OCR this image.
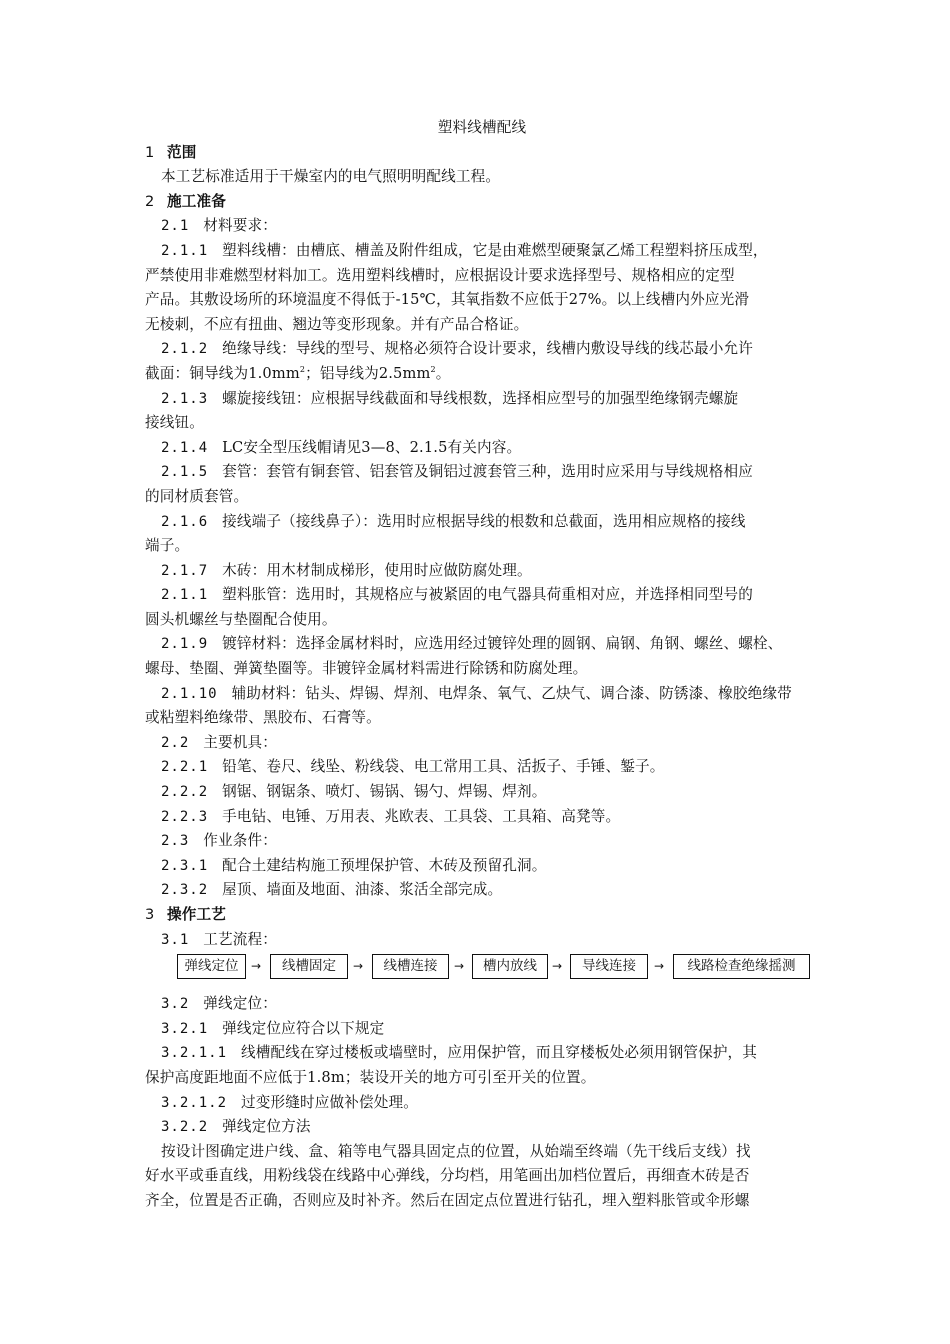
塑料线槽配线
1 范围
本工艺标准适用于干燥室内的电气照明明配线工程。
2 施工准备
2.1 材料要求：
2.1.1 塑料线槽：由槽底、槽盖及附件组成，它是由难燃型硬聚氯乙烯工程塑料挤压成型，
严禁使用非难燃型材料加工。选用塑料线槽时，应根据设计要求选择型号、规格相应的定型
产品。其敷设场所的环境温度不得低于-15℃，其氧指数不应低于27%。以上线槽内外应光滑
无棱刺，不应有扭曲、翘边等变形现象。并有产品合格证。
2.1.2 绝缘导线：导线的型号、规格必须符合设计要求，线槽内敷设导线的线芯最小允许
截面：铜导线为$1.0mm^2$；铝导线为$2.5mm^2$。
2.1.3 螺旋接线钮：应根据导线截面和导线根数，选择相应型号的加强型绝缘钢壳螺旋
接线钮。
2.1.4 LC安全型压线帽请见3—8、2.1.5有关内容。
2.1.5 套管：套管有铜套管、铝套管及铜铝过渡套管三种，选用时应采用与导线规格相应
的同材质套管。
2.1.6 接线端子（接线鼻子）：选用时应根据导线的根数和总截面，选用相应规格的接线
端子。
2.1.7 木砖：用木材制成梯形，使用时应做防腐处理。
2.1.1 塑料胀管：选用时，其规格应与被紧固的电气器具荷重相对应，并选择相同型号的
圆头机螺丝与垫圈配合使用。
2.1.9 镀锌材料：选择金属材料时，应选用经过镀锌处理的圆钢、扁钢、角钢、螺丝、螺栓、
螺母、垫圈、弹簧垫圈等。非镀锌金属材料需进行除锈和防腐处理。
2.1.10 辅助材料：钻头、焊锡、焊剂、电焊条、氧气、乙炔气、调合漆、防锈漆、橡胶绝缘带
或粘塑料绝缘带、黑胶布、石膏等。
2.2 主要机具：
2.2.1 铅笔、卷尺、线坠、粉线袋、电工常用工具、活扳子、手锤、錾子。
2.2.2 钢锯、钢锯条、喷灯、锡锅、锡勺、焊锡、焊剂。
2.2.3 手电钻、电锤、万用表、兆欧表、工具袋、工具箱、高凳等。
2.3 作业条件：
2.3.1 配合土建结构施工预埋保护管、木砖及预留孔洞。
2.3.2 屋顶、墙面及地面、油漆、浆活全部完成。
3 操作工艺
3.1 工艺流程：
弹线定位	→	线槽固定	→	线槽连接	→	槽内放线	→	导线连接	→	线路检查绝缘摇测
3.2 弹线定位：
3.2.1 弹线定位应符合以下规定
3.2.1.1 线槽配线在穿过楼板或墙壁时，应用保护管，而且穿楼板处必须用钢管保护，其
保护高度距地面不应低于1.8m；装设开关的地方可引至开关的位置。
3.2.1.2 过变形缝时应做补偿处理。
3.2.2 弹线定位方法
按设计图确定进户线、盒、箱等电气器具固定点的位置，从始端至终端（先干线后支线）找
好水平或垂直线，用粉线袋在线路中心弹线，分均档，用笔画出加档位置后，再细查木砖是否
齐全，位置是否正确，否则应及时补齐。然后在固定点位置进行钻孔，埋入塑料胀管或伞形螺
